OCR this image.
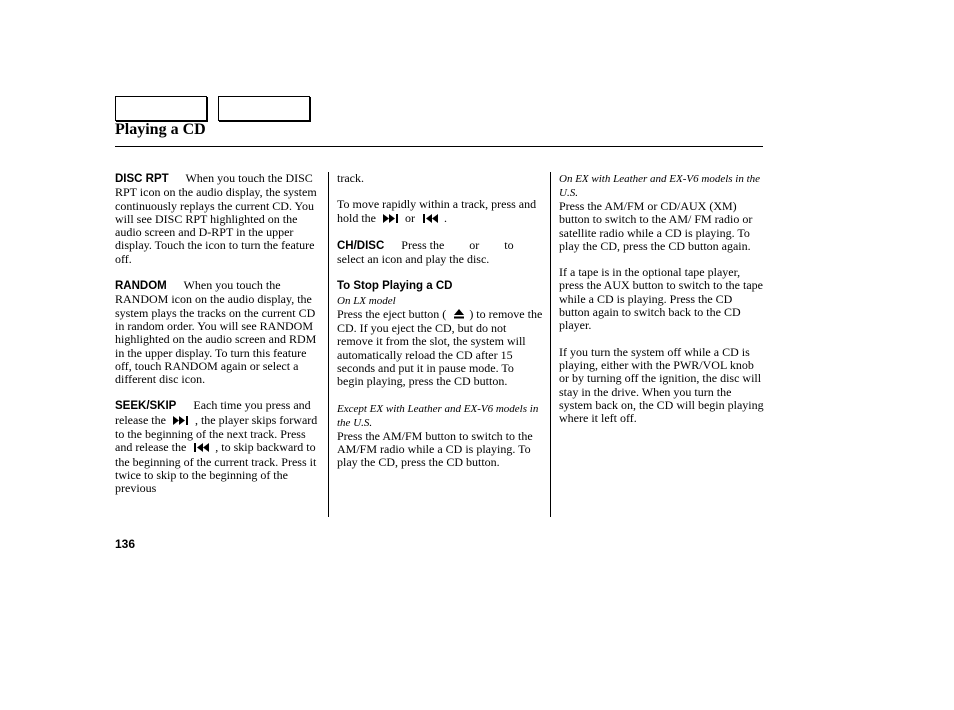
Playing a CD

DISC RPT When you touch the DISC RPT icon on the audio display, the system continuously replays the current CD. You will see DISC RPT highlighted on the audio screen and D-RPT in the upper display. Touch the icon to turn the feature off.

RANDOM When you touch the RANDOM icon on the audio display, the system plays the tracks on the current CD in random order. You will see RANDOM highlighted on the audio screen and RDM in the upper display. To turn this feature off, touch RANDOM again or select a different disc icon.

SEEK/SKIP Each time you press and release the , the player skips forward to the beginning of the next track. Press and release the , to skip backward to the beginning of the current track. Press it twice to skip to the beginning of the previous

track.

To move rapidly within a track, press and hold the or .

CH/DISC Press the or to select an icon and play the disc.

To Stop Playing a CD
On LX model
Press the eject button ( ) to remove the CD. If you eject the CD, but do not remove it from the slot, the system will automatically reload the CD after 15 seconds and put it in pause mode. To begin playing, press the CD button.

Except EX with Leather and EX-V6 models in the U.S.
Press the AM/FM button to switch to the AM/FM radio while a CD is playing. To play the CD, press the CD button.

On EX with Leather and EX-V6 models in the U.S.
Press the AM/FM or CD/AUX (XM) button to switch to the AM/ FM radio or satellite radio while a CD is playing. To play the CD, press the CD button again.

If a tape is in the optional tape player, press the AUX button to switch to the tape while a CD is playing. Press the CD button again to switch back to the CD player.

If you turn the system off while a CD is playing, either with the PWR/VOL knob or by turning off the ignition, the disc will stay in the drive. When you turn the system back on, the CD will begin playing where it left off.

136
